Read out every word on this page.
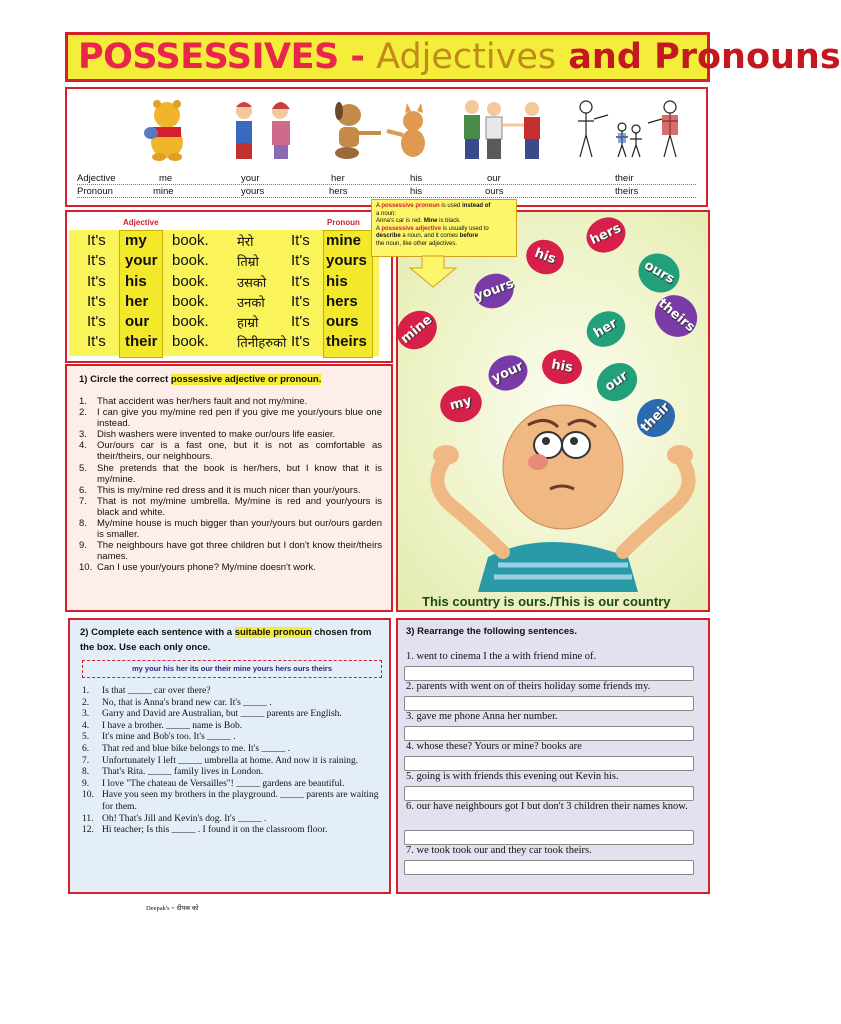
POSSESSIVES - Adjectives and Pronouns
Adjective	me	your	her	his	our	their
Pronoun	mine	yours	hers	his	ours	theirs
Adjective	Pronoun
It's my book. मेरो	It's mine
It's your book. तिम्रो It's yours
It's his book. उसको It's his
It's her book. उनको It's hers
It's our book. हाम्रो It's ours
It's their book. तिनीहरुको It's theirs
A possessive pronoun is used instead of
a noun:
Anna's car is red. Mine is black.
A possessive adjective is usually used to
describe a noun, and it comes before
the noun, like other adjectives.	hers
his
ours
yours
theirs
mine	her
his
your	our
my	their
This country is ours./This is our country
1) Circle the correct possessive adjective or pronoun.
1. That accident was her/hers fault and not my/mine.
2. I can give you my/mine red pen if you give me your/yours blue one instead.
3. Dish washers were invented to make our/ours life easier.
4. Our/ours car is a fast one, but it is not as comfortable as their/theirs, our neighbours.
5. She pretends that the book is her/hers, but I know that it is my/mine.
6. This is my/mine red dress and it is much nicer than your/yours.
7. That is not my/mine umbrella. My/mine is red and your/yours is black and white.
8. My/mine house is much bigger than your/yours but our/ours garden is smaller.
9. The neighbours have got three children but I don't know their/theirs names.
10. Can I use your/yours phone? My/mine doesn't work.
2) Complete each sentence with a suitable pronoun chosen from the box. Use each only once.
my your his her its our their mine yours hers ours theirs
1. Is that _____ car over there?
2. No, that is Anna's brand new car. It's _____ .
3. Garry and David are Australian, but _____ parents are English.
4. I have a brother. _____ name is Bob.
5. It's mine and Bob's too. It's _____ .
6. That red and blue bike belongs to me. It's _____ .
7. Unfortunately I left _____ umbrella at home. And now it is raining.
8. That's Rita. _____ family lives in London.
9. I love "The chateau de Versailles"! _____ gardens are beautiful.
10. Have you seen my brothers in the playground. _____ parents are waiting for them.
11. Oh! That's Jill and Kevin's dog. It's _____ .
12. Hi teacher; Is this _____ . I found it on the classroom floor.
3) Rearrange the following sentences.
1. went to cinema I the a with friend mine of.
2. parents with went on of theirs holiday some friends my.
3. gave me phone Anna her number.
4. whose these? Yours or mine? books are
5. going is with friends this evening out Kevin his.
6. our have neighbours got I but don't 3 children their names know.
7. we took took our and they car took theirs.
Deepak's = दीपक को
